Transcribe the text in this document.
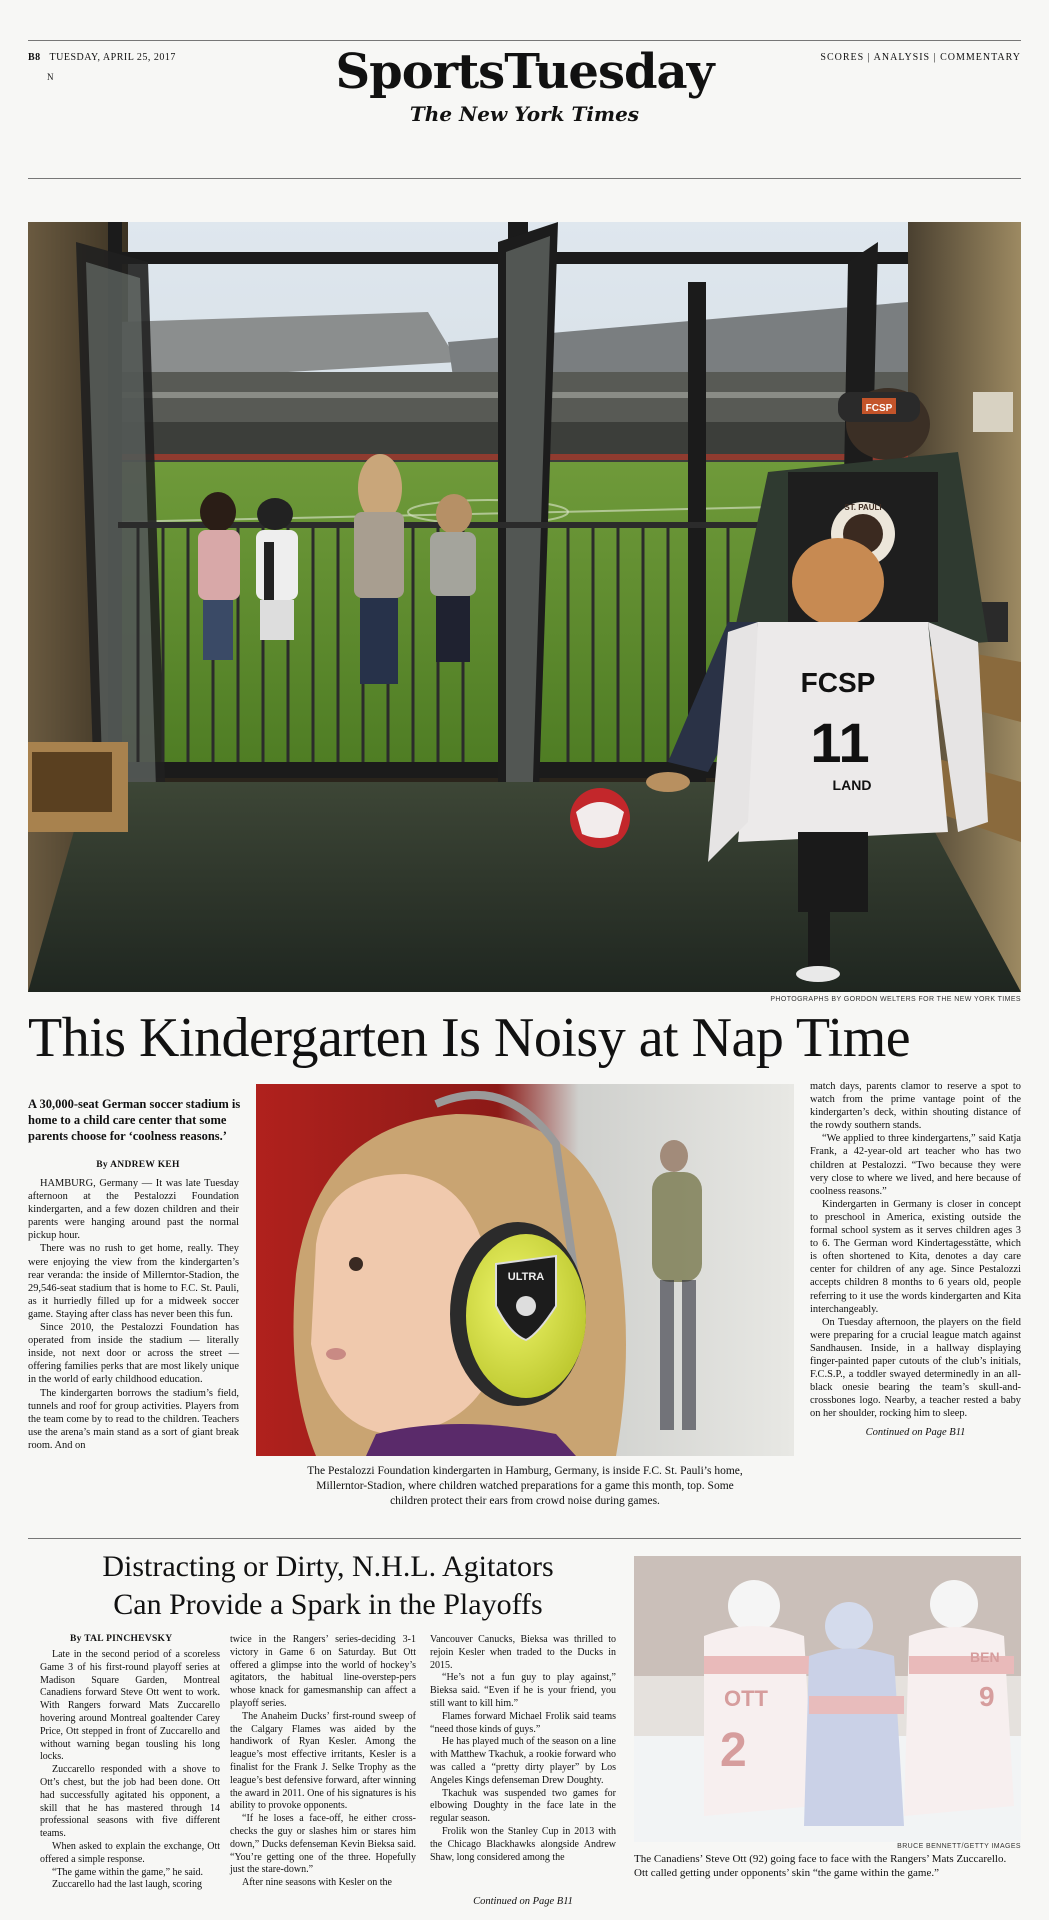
B8 TUESDAY, APRIL 25, 2017
N	SportsTuesday
The New York Times
SCORES | ANALYSIS | COMMENTARY
FCSP
ST. PAULI
FCSP
11
LAND
PHOTOGRAPHS BY GORDON WELTERS FOR THE NEW YORK TIMES
This Kindergarten Is Noisy at Nap Time
A 30,000-seat German soccer stadium is home to a child care center that some parents choose for ‘coolness reasons.’
By ANDREW KEH

HAMBURG, Germany — It was late Tuesday afternoon at the Pestalozzi Foundation kindergarten, and a few dozen children and their parents were hanging around past the normal pickup hour.

There was no rush to get home, really. They were enjoying the view from the kindergarten’s rear veranda: the inside of Millerntor-Stadion, the 29,546-seat stadium that is home to F.C. St. Pauli, as it hurriedly filled up for a midweek soccer game. Staying after class has never been this fun.

Since 2010, the Pestalozzi Foundation has operated from inside the stadium — literally inside, not next door or across the street — offering families perks that are most likely unique in the world of early childhood education.

The kindergarten borrows the stadium’s field, tunnels and roof for group activities. Players from the team come by to read to the children. Teachers use the arena’s main stand as a sort of giant break room. And on

ULTRA
The Pestalozzi Foundation kindergarten in Hamburg, Germany, is inside F.C. St. Pauli’s home, Millerntor-Stadion, where children watched preparations for a game this month, top. Some children protect their ears from crowd noise during games.

match days, parents clamor to reserve a spot to watch from the prime vantage point of the kindergarten’s deck, within shouting distance of the rowdy southern stands.

“We applied to three kindergartens,” said Katja Frank, a 42-year-old art teacher who has two children at Pestalozzi. “Two because they were very close to where we lived, and here because of coolness reasons.”

Kindergarten in Germany is closer in concept to preschool in America, existing outside the formal school system as it serves children ages 3 to 6. The German word Kindertagesstätte, which is often shortened to Kita, denotes a day care center for children of any age. Since Pestalozzi accepts children 8 months to 6 years old, people referring to it use the words kindergarten and Kita interchangeably.

On Tuesday afternoon, the players on the field were preparing for a crucial league match against Sandhausen. Inside, in a hallway displaying finger-painted paper cutouts of the club’s initials, F.C.S.P., a toddler swayed determinedly in an all-black onesie bearing the team’s skull-and-crossbones logo. Nearby, a teacher rested a baby on her shoulder, rocking him to sleep.

Continued on Page B11
Distracting or Dirty, N.H.L. Agitators
Can Provide a Spark in the Playoffs
By TAL PINCHEVSKY

Late in the second period of a scoreless Game 3 of his first-round playoff series at Madison Square Garden, Montreal Canadiens forward Steve Ott went to work. With Rangers forward Mats Zuccarello hovering around Montreal goaltender Carey Price, Ott stepped in front of Zuccarello and without warning began tousling his long locks.

Zuccarello responded with a shove to Ott’s chest, but the job had been done. Ott had successfully agitated his opponent, a skill that he has mastered through 14 professional seasons with five different teams.

When asked to explain the exchange, Ott offered a simple response.

“The game within the game,” he said.

Zuccarello had the last laugh, scoring

twice in the Rangers’ series-deciding 3-1 victory in Game 6 on Saturday. But Ott offered a glimpse into the world of hockey’s agitators, the habitual line-overstep-pers whose knack for gamesmanship can affect a playoff series.

The Anaheim Ducks’ first-round sweep of the Calgary Flames was aided by the handiwork of Ryan Kesler. Among the league’s most effective irritants, Kesler is a finalist for the Frank J. Selke Trophy as the league’s best defensive forward, after winning the award in 2011. One of his signatures is his ability to provoke opponents.

“If he loses a face-off, he either cross-checks the guy or slashes him or stares him down,” Ducks defenseman Kevin Bieksa said. “You’re getting one of the three. Hopefully just the stare-down.”

After nine seasons with Kesler on the

Vancouver Canucks, Bieksa was thrilled to rejoin Kesler when traded to the Ducks in 2015.

“He’s not a fun guy to play against,” Bieksa said. “Even if he is your friend, you still want to kill him.”

Flames forward Michael Frolik said teams “need those kinds of guys.”

He has played much of the season on a line with Matthew Tkachuk, a rookie forward who was called a “pretty dirty player” by Los Angeles Kings defenseman Drew Doughty.

Tkachuk was suspended two games for elbowing Doughty in the face late in the regular season.

Frolik won the Stanley Cup in 2013 with the Chicago Blackhawks alongside Andrew Shaw, long considered among the

Continued on Page B11
OTT
2
BEN
9
BRUCE BENNETT/GETTY IMAGES
The Canadiens’ Steve Ott (92) going face to face with the Rangers’ Mats Zuccarello. Ott called getting under opponents’ skin “the game within the game.”
